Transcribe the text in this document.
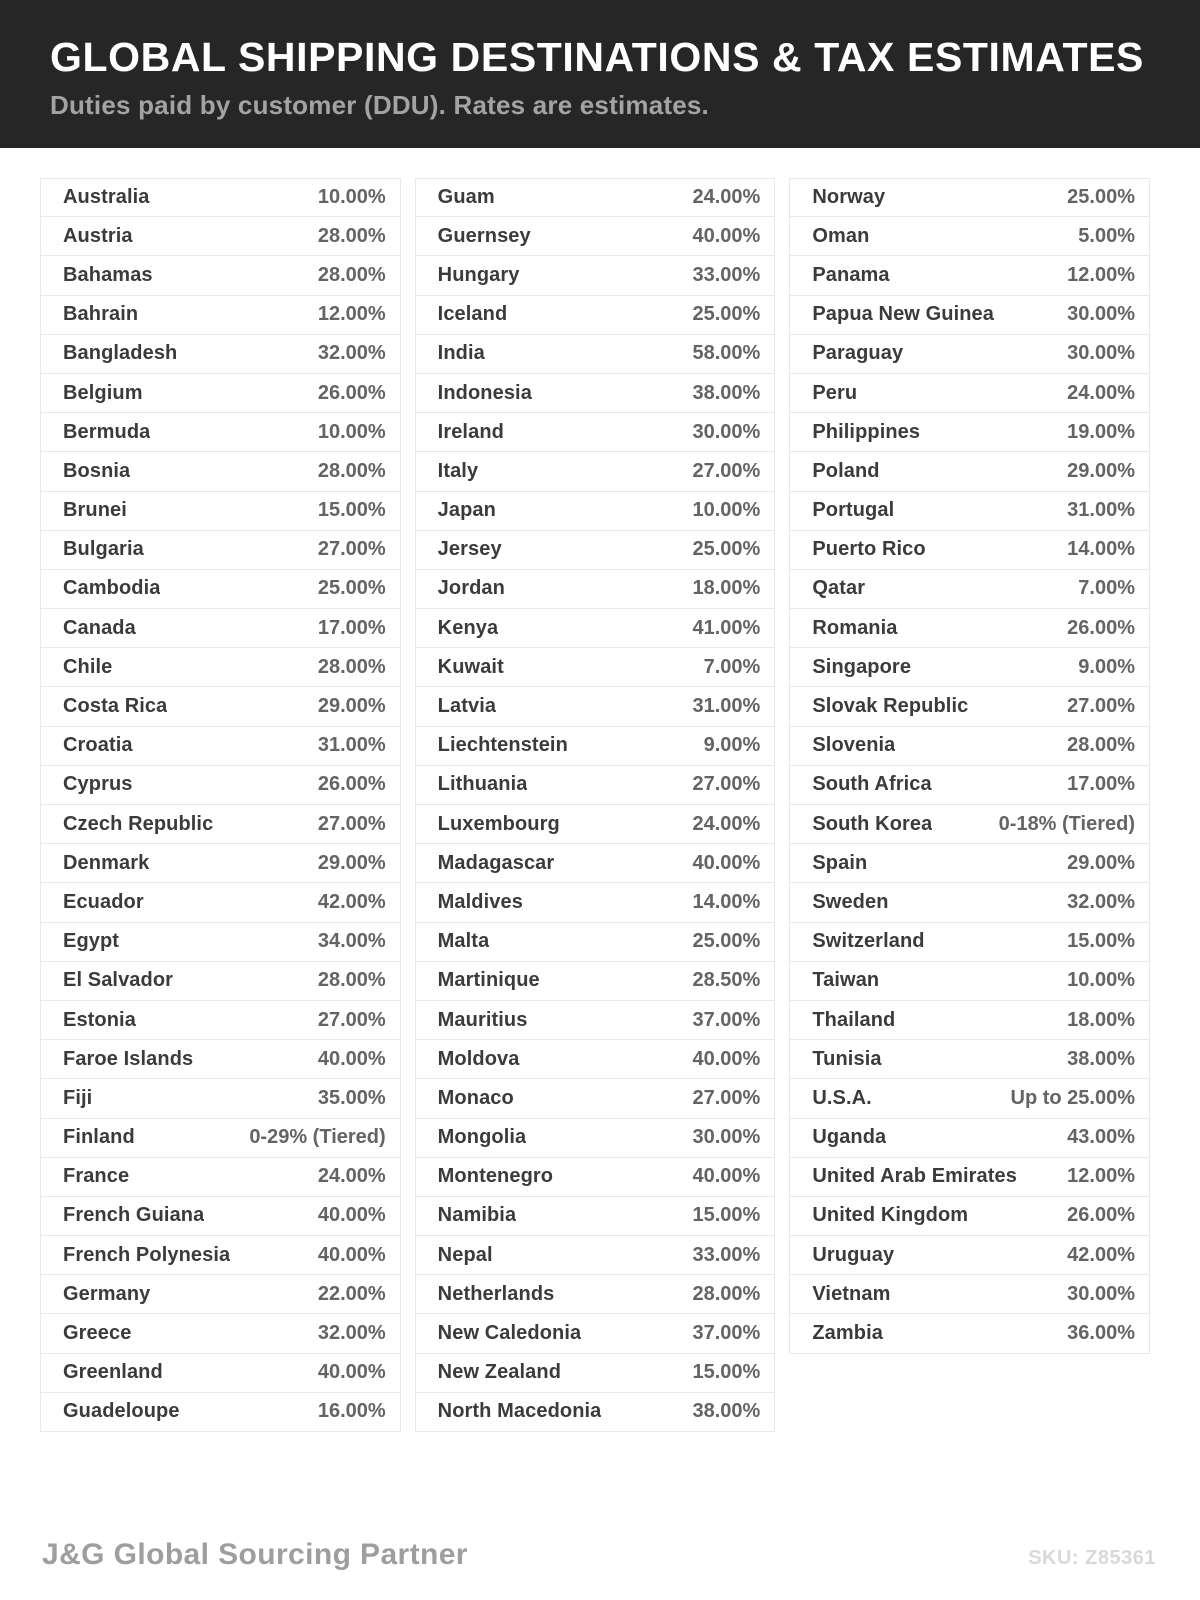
GLOBAL SHIPPING DESTINATIONS & TAX ESTIMATES

Duties paid by customer (DDU). Rates are estimates.

Australia	10.00%
Austria	28.00%
Bahamas	28.00%
Bahrain	12.00%
Bangladesh	32.00%
Belgium	26.00%
Bermuda	10.00%
Bosnia	28.00%
Brunei	15.00%
Bulgaria	27.00%
Cambodia	25.00%
Canada	17.00%
Chile	28.00%
Costa Rica	29.00%
Croatia	31.00%
Cyprus	26.00%
Czech Republic	27.00%
Denmark	29.00%
Ecuador	42.00%
Egypt	34.00%
El Salvador	28.00%
Estonia	27.00%
Faroe Islands	40.00%
Fiji	35.00%
Finland	0-29% (Tiered)
France	24.00%
French Guiana	40.00%
French Polynesia	40.00%
Germany	22.00%
Greece	32.00%
Greenland	40.00%
Guadeloupe	16.00%
Guam	24.00%
Guernsey	40.00%
Hungary	33.00%
Iceland	25.00%
India	58.00%
Indonesia	38.00%
Ireland	30.00%
Italy	27.00%
Japan	10.00%
Jersey	25.00%
Jordan	18.00%
Kenya	41.00%
Kuwait	7.00%
Latvia	31.00%
Liechtenstein	9.00%
Lithuania	27.00%
Luxembourg	24.00%
Madagascar	40.00%
Maldives	14.00%
Malta	25.00%
Martinique	28.50%
Mauritius	37.00%
Moldova	40.00%
Monaco	27.00%
Mongolia	30.00%
Montenegro	40.00%
Namibia	15.00%
Nepal	33.00%
Netherlands	28.00%
New Caledonia	37.00%
New Zealand	15.00%
North Macedonia	38.00%
Norway	25.00%
Oman	5.00%
Panama	12.00%
Papua New Guinea	30.00%
Paraguay	30.00%
Peru	24.00%
Philippines	19.00%
Poland	29.00%
Portugal	31.00%
Puerto Rico	14.00%
Qatar	7.00%
Romania	26.00%
Singapore	9.00%
Slovak Republic	27.00%
Slovenia	28.00%
South Africa	17.00%
South Korea	0-18% (Tiered)
Spain	29.00%
Sweden	32.00%
Switzerland	15.00%
Taiwan	10.00%
Thailand	18.00%
Tunisia	38.00%
U.S.A.	Up to 25.00%
Uganda	43.00%
United Arab Emirates	12.00%
United Kingdom	26.00%
Uruguay	42.00%
Vietnam	30.00%
Zambia	36.00%
J&G Global Sourcing Partner	SKU: Z85361
